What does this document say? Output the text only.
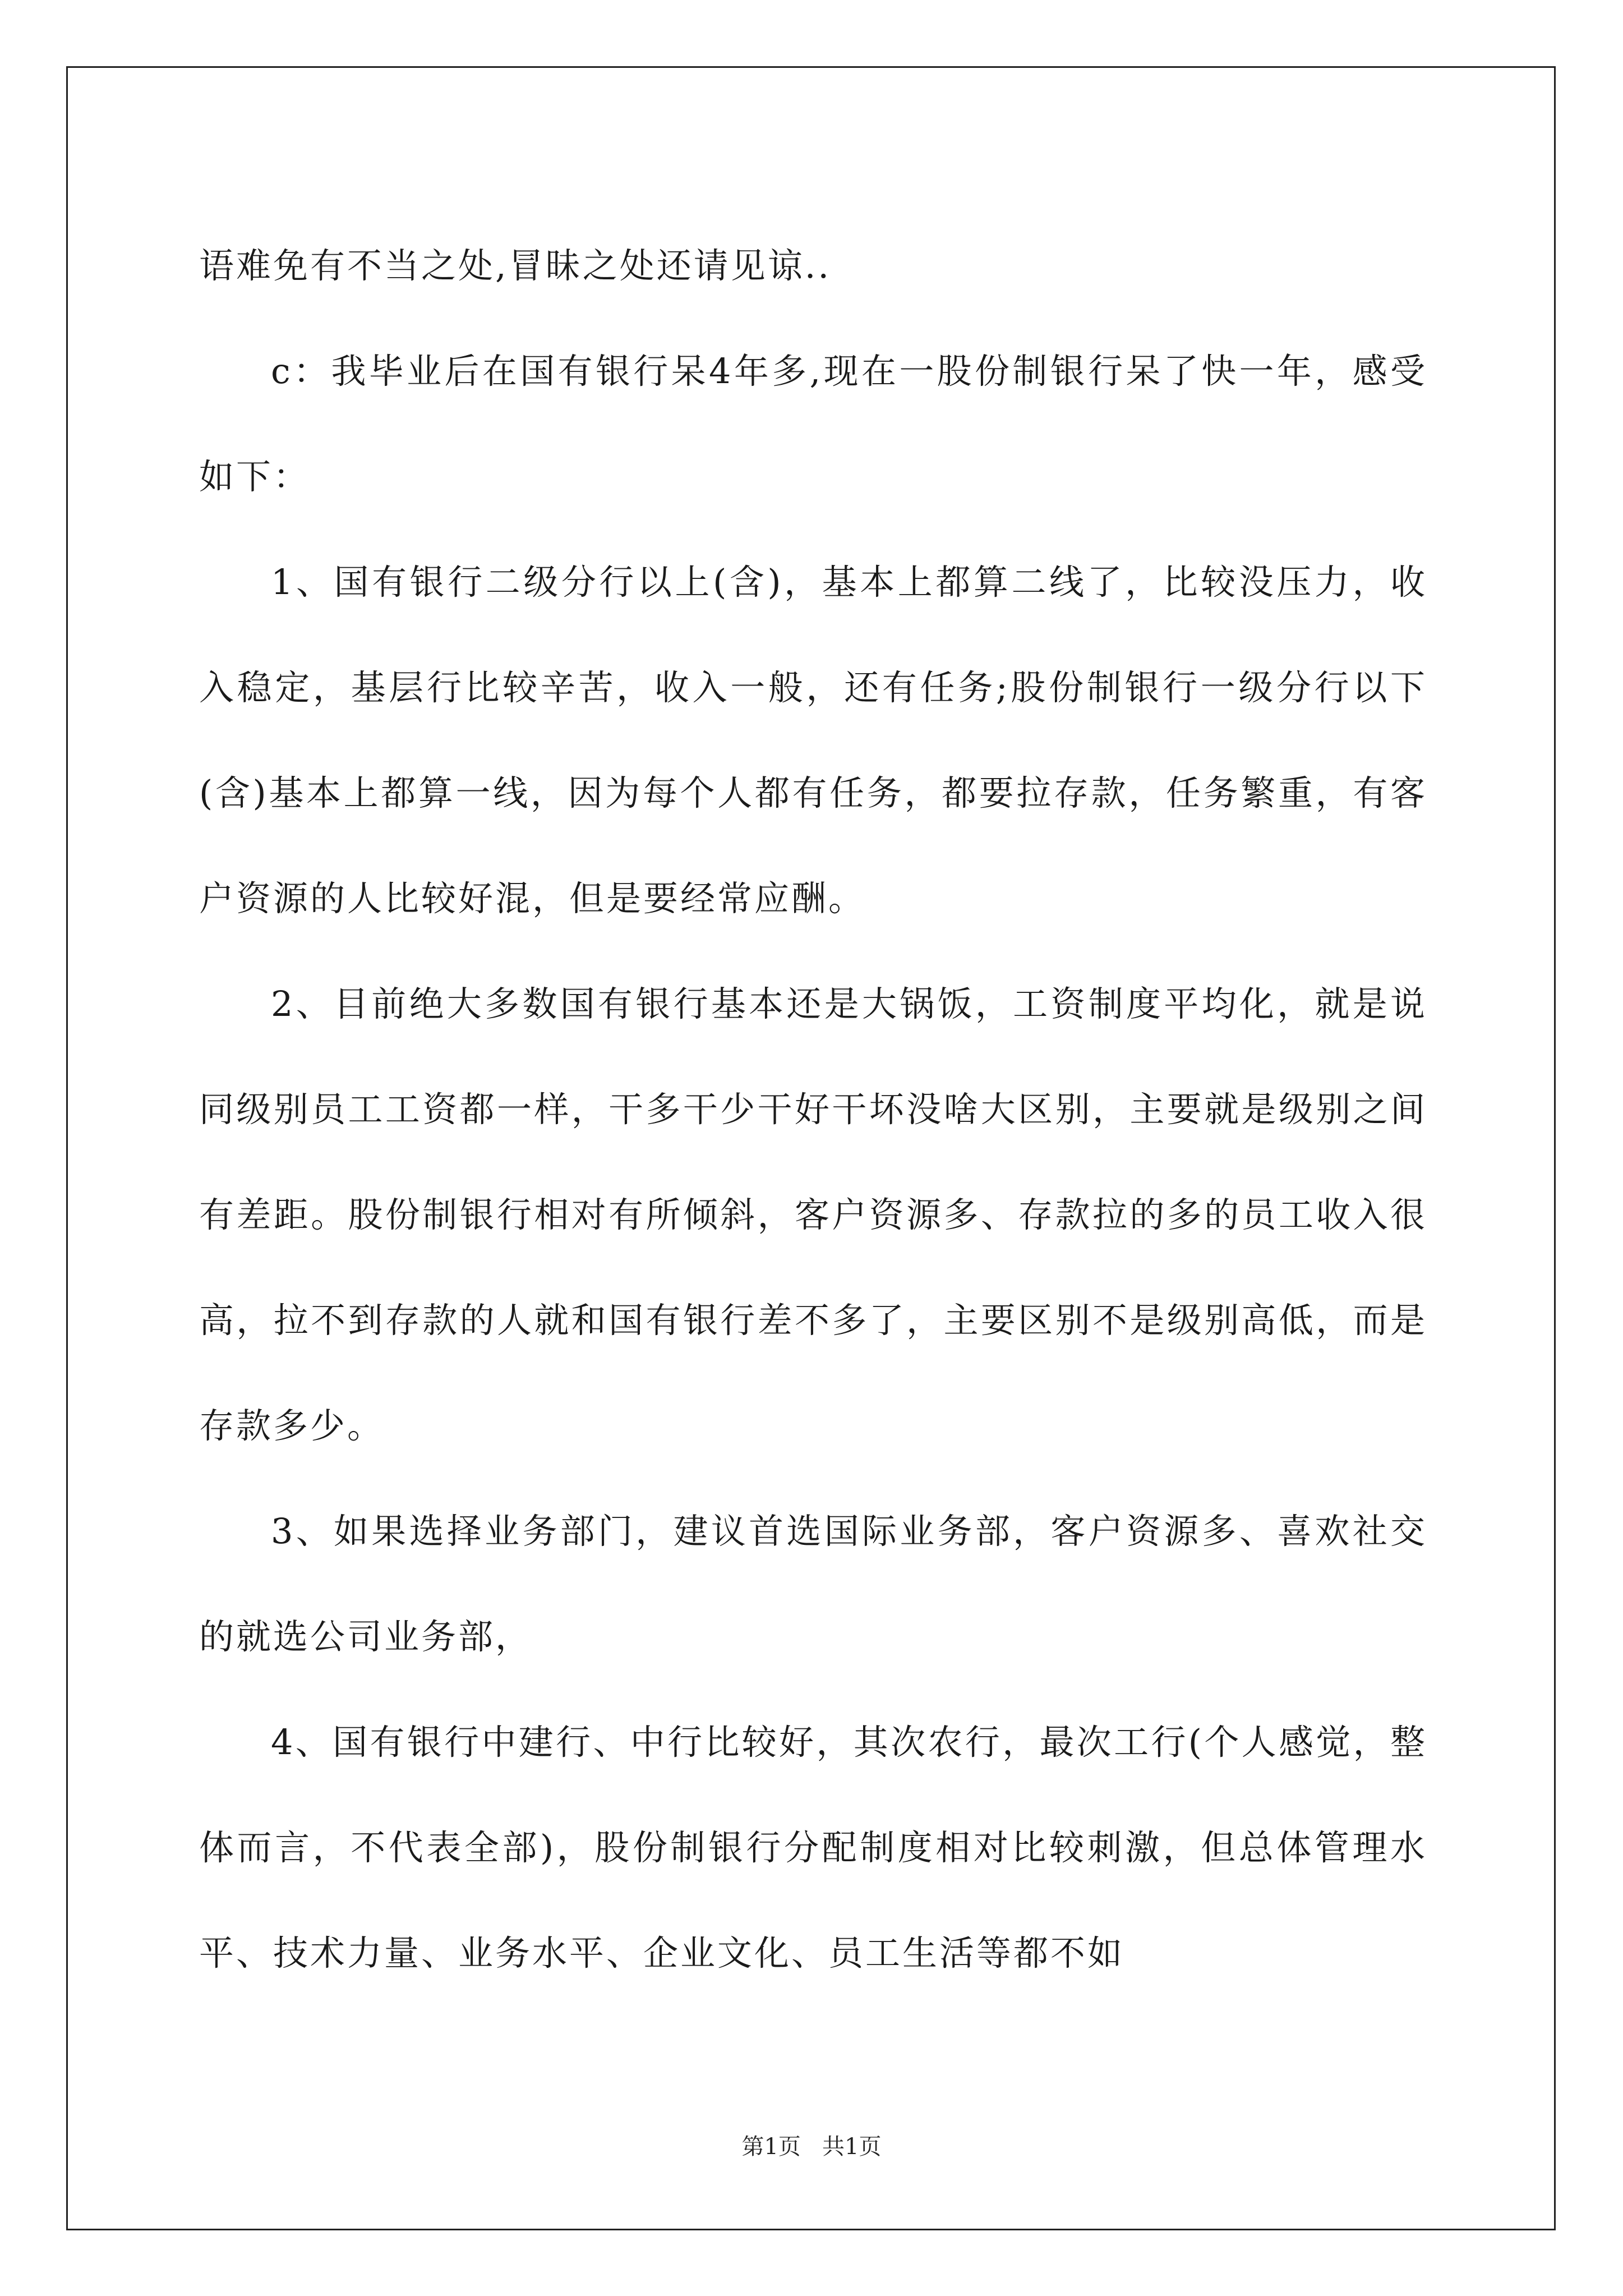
语难免有不当之处,冒昧之处还请见谅..

c：我毕业后在国有银行呆4年多,现在一股份制银行呆了快一年，感受如下：

1、国有银行二级分行以上(含)，基本上都算二线了，比较没压力，收入稳定，基层行比较辛苦，收入一般，还有任务;股份制银行一级分行以下(含)基本上都算一线，因为每个人都有任务，都要拉存款，任务繁重，有客户资源的人比较好混，但是要经常应酬。

2、目前绝大多数国有银行基本还是大锅饭，工资制度平均化，就是说同级别员工工资都一样，干多干少干好干坏没啥大区别，主要就是级别之间有差距。股份制银行相对有所倾斜，客户资源多、存款拉的多的员工收入很高，拉不到存款的人就和国有银行差不多了，主要区别不是级别高低，而是存款多少。

3、如果选择业务部门，建议首选国际业务部，客户资源多、喜欢社交的就选公司业务部，

4、国有银行中建行、中行比较好，其次农行，最次工行(个人感觉，整体而言，不代表全部)，股份制银行分配制度相对比较刺激，但总体管理水平、技术力量、业务水平、企业文化、员工生活等都不如

第1页   共1页
